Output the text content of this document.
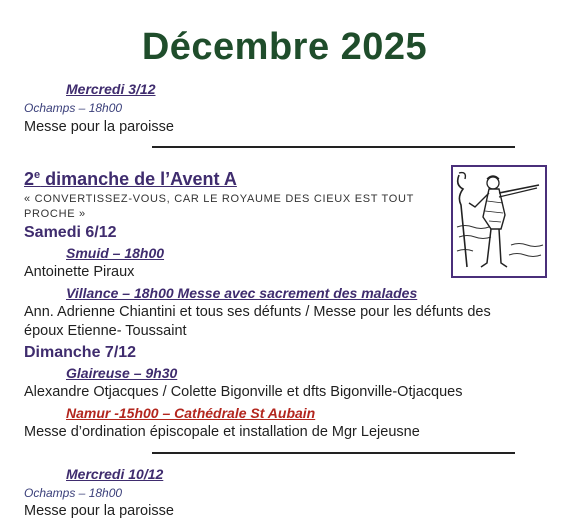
Décembre 2025
Mercredi 3/12
Ochamps – 18h00
Messe pour la paroisse
2e dimanche de l’Avent A
« CONVERTISSEZ-VOUS, CAR LE ROYAUME DES CIEUX EST TOUT
PROCHE »
Samedi 6/12
Smuid – 18h00
Antoinette Piraux
Villance – 18h00 Messe avec sacrement des malades
Ann. Adrienne Chiantini et tous ses défunts / Messe pour les défunts des
époux Etienne- Toussaint
Dimanche 7/12
Glaireuse – 9h30
Alexandre Otjacques / Colette Bigonville et dfts Bigonville-Otjacques
Namur -15h00 – Cathédrale St Aubain
Messe d’ordination épiscopale et installation de Mgr Lejeusne
Mercredi 10/12
Ochamps – 18h00
Messe pour la paroisse
